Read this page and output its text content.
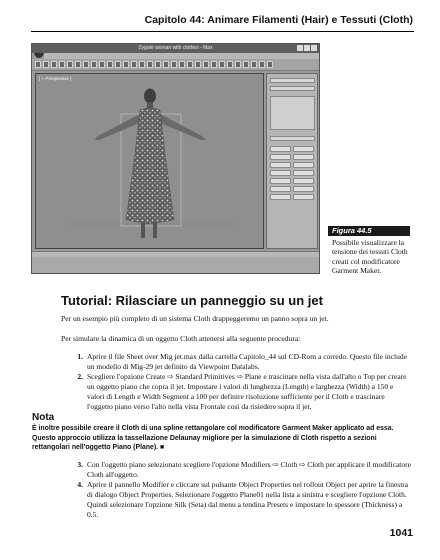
Capitolo 44: Animare Filamenti (Hair) e Tessuti (Cloth)
Zygote woman with clothes - Max
[ + Perspective ]
Figura 44.5
Possibile visualizzare la tensione dei tessuti Cloth creati col modificatore Garment Maker.
Tutorial: Rilasciare un panneggio su un jet
Per un esempio più completo di un sistema Cloth drappeggeremo un panno sopra un jet.
Per simulare la dinamica di un oggetto Cloth attenersi alla seguente procedura:
1. Aprire il file Sheet over Mig jet.max dalla cartella Capitolo_44 sul CD-Rom a corredo. Questo file include un modello di Mig-29 jet definito da Viewpoint Datalabs.
2. Scegliere l'opzione Create ⇨ Standard Primitives ⇨ Plane e trascinare nella vista dall'alto o Top per creare un oggetto piano che copra il jet. Impostare i valori di lunghezza (Length) e larghezza (Width) a 150 e valori di Length e Width Segment a 100 per definire risoluzione sufficiente per il Cloth e trascinare l'oggetto piano verso l'alto nella vista Frontale così da risiedere sopra il jet.
Nota
È inoltre possibile creare il Cloth di una spline rettangolare col modificatore Garment Maker applicato ad essa. Questo approccio utilizza la tassellazione Delaunay migliore per la simulazione di Cloth rispetto a sezioni rettangolari nell'oggetto Piano (Plane). ■
3. Con l'oggetto piano selezionato scegliere l'opzione Modifiers ⇨ Cloth ⇨ Cloth per applicare il modificatore Cloth all'oggetto.
4. Aprire il pannello Modifier e cliccare sul pulsante Object Properties nel rollout Object per aprire la finestra di dialogo Object Properties. Selezionare l'oggetto Plane01 nella lista a sinistra e scegliere l'opzione Cloth. Quindi selezionare l'opzione Silk (Seta) dal menu a tendina Presets e impostare lo spessore (Thickness) a 0.5.
1041
